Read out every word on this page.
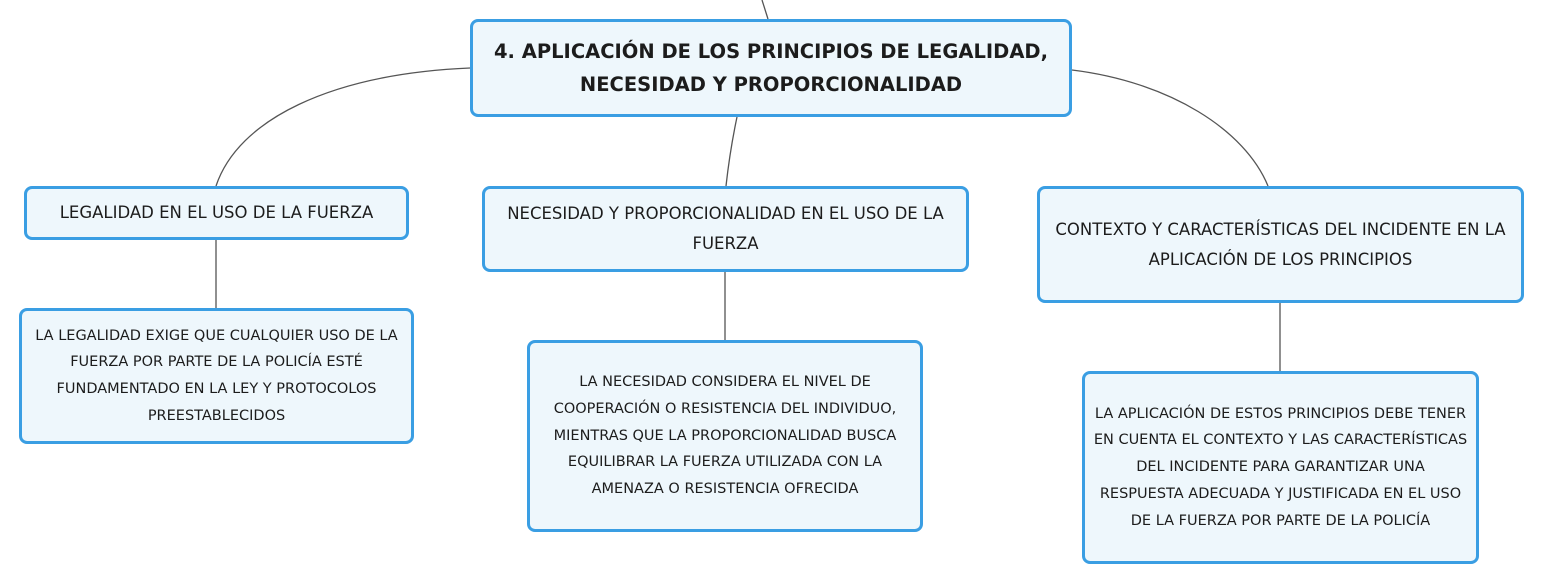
4. APLICACIÓN DE LOS PRINCIPIOS DE LEGALIDAD, NECESIDAD Y PROPORCIONALIDAD
LEGALIDAD EN EL USO DE LA FUERZA	NECESIDAD Y PROPORCIONALIDAD EN EL USO DE LA FUERZA
CONTEXTO Y CARACTERÍSTICAS DEL INCIDENTE EN LA APLICACIÓN DE LOS PRINCIPIOS
LA LEGALIDAD EXIGE QUE CUALQUIER USO DE LA FUERZA POR PARTE DE LA POLICÍA ESTÉ FUNDAMENTADO EN LA LEY Y PROTOCOLOS PREESTABLECIDOS
LA NECESIDAD CONSIDERA EL NIVEL DE COOPERACIÓN O RESISTENCIA DEL INDIVIDUO, MIENTRAS QUE LA PROPORCIONALIDAD BUSCA EQUILIBRAR LA FUERZA UTILIZADA CON LA AMENAZA O RESISTENCIA OFRECIDA
LA APLICACIÓN DE ESTOS PRINCIPIOS DEBE TENER EN CUENTA EL CONTEXTO Y LAS CARACTERÍSTICAS DEL INCIDENTE PARA GARANTIZAR UNA RESPUESTA ADECUADA Y JUSTIFICADA EN EL USO DE LA FUERZA POR PARTE DE LA POLICÍA
